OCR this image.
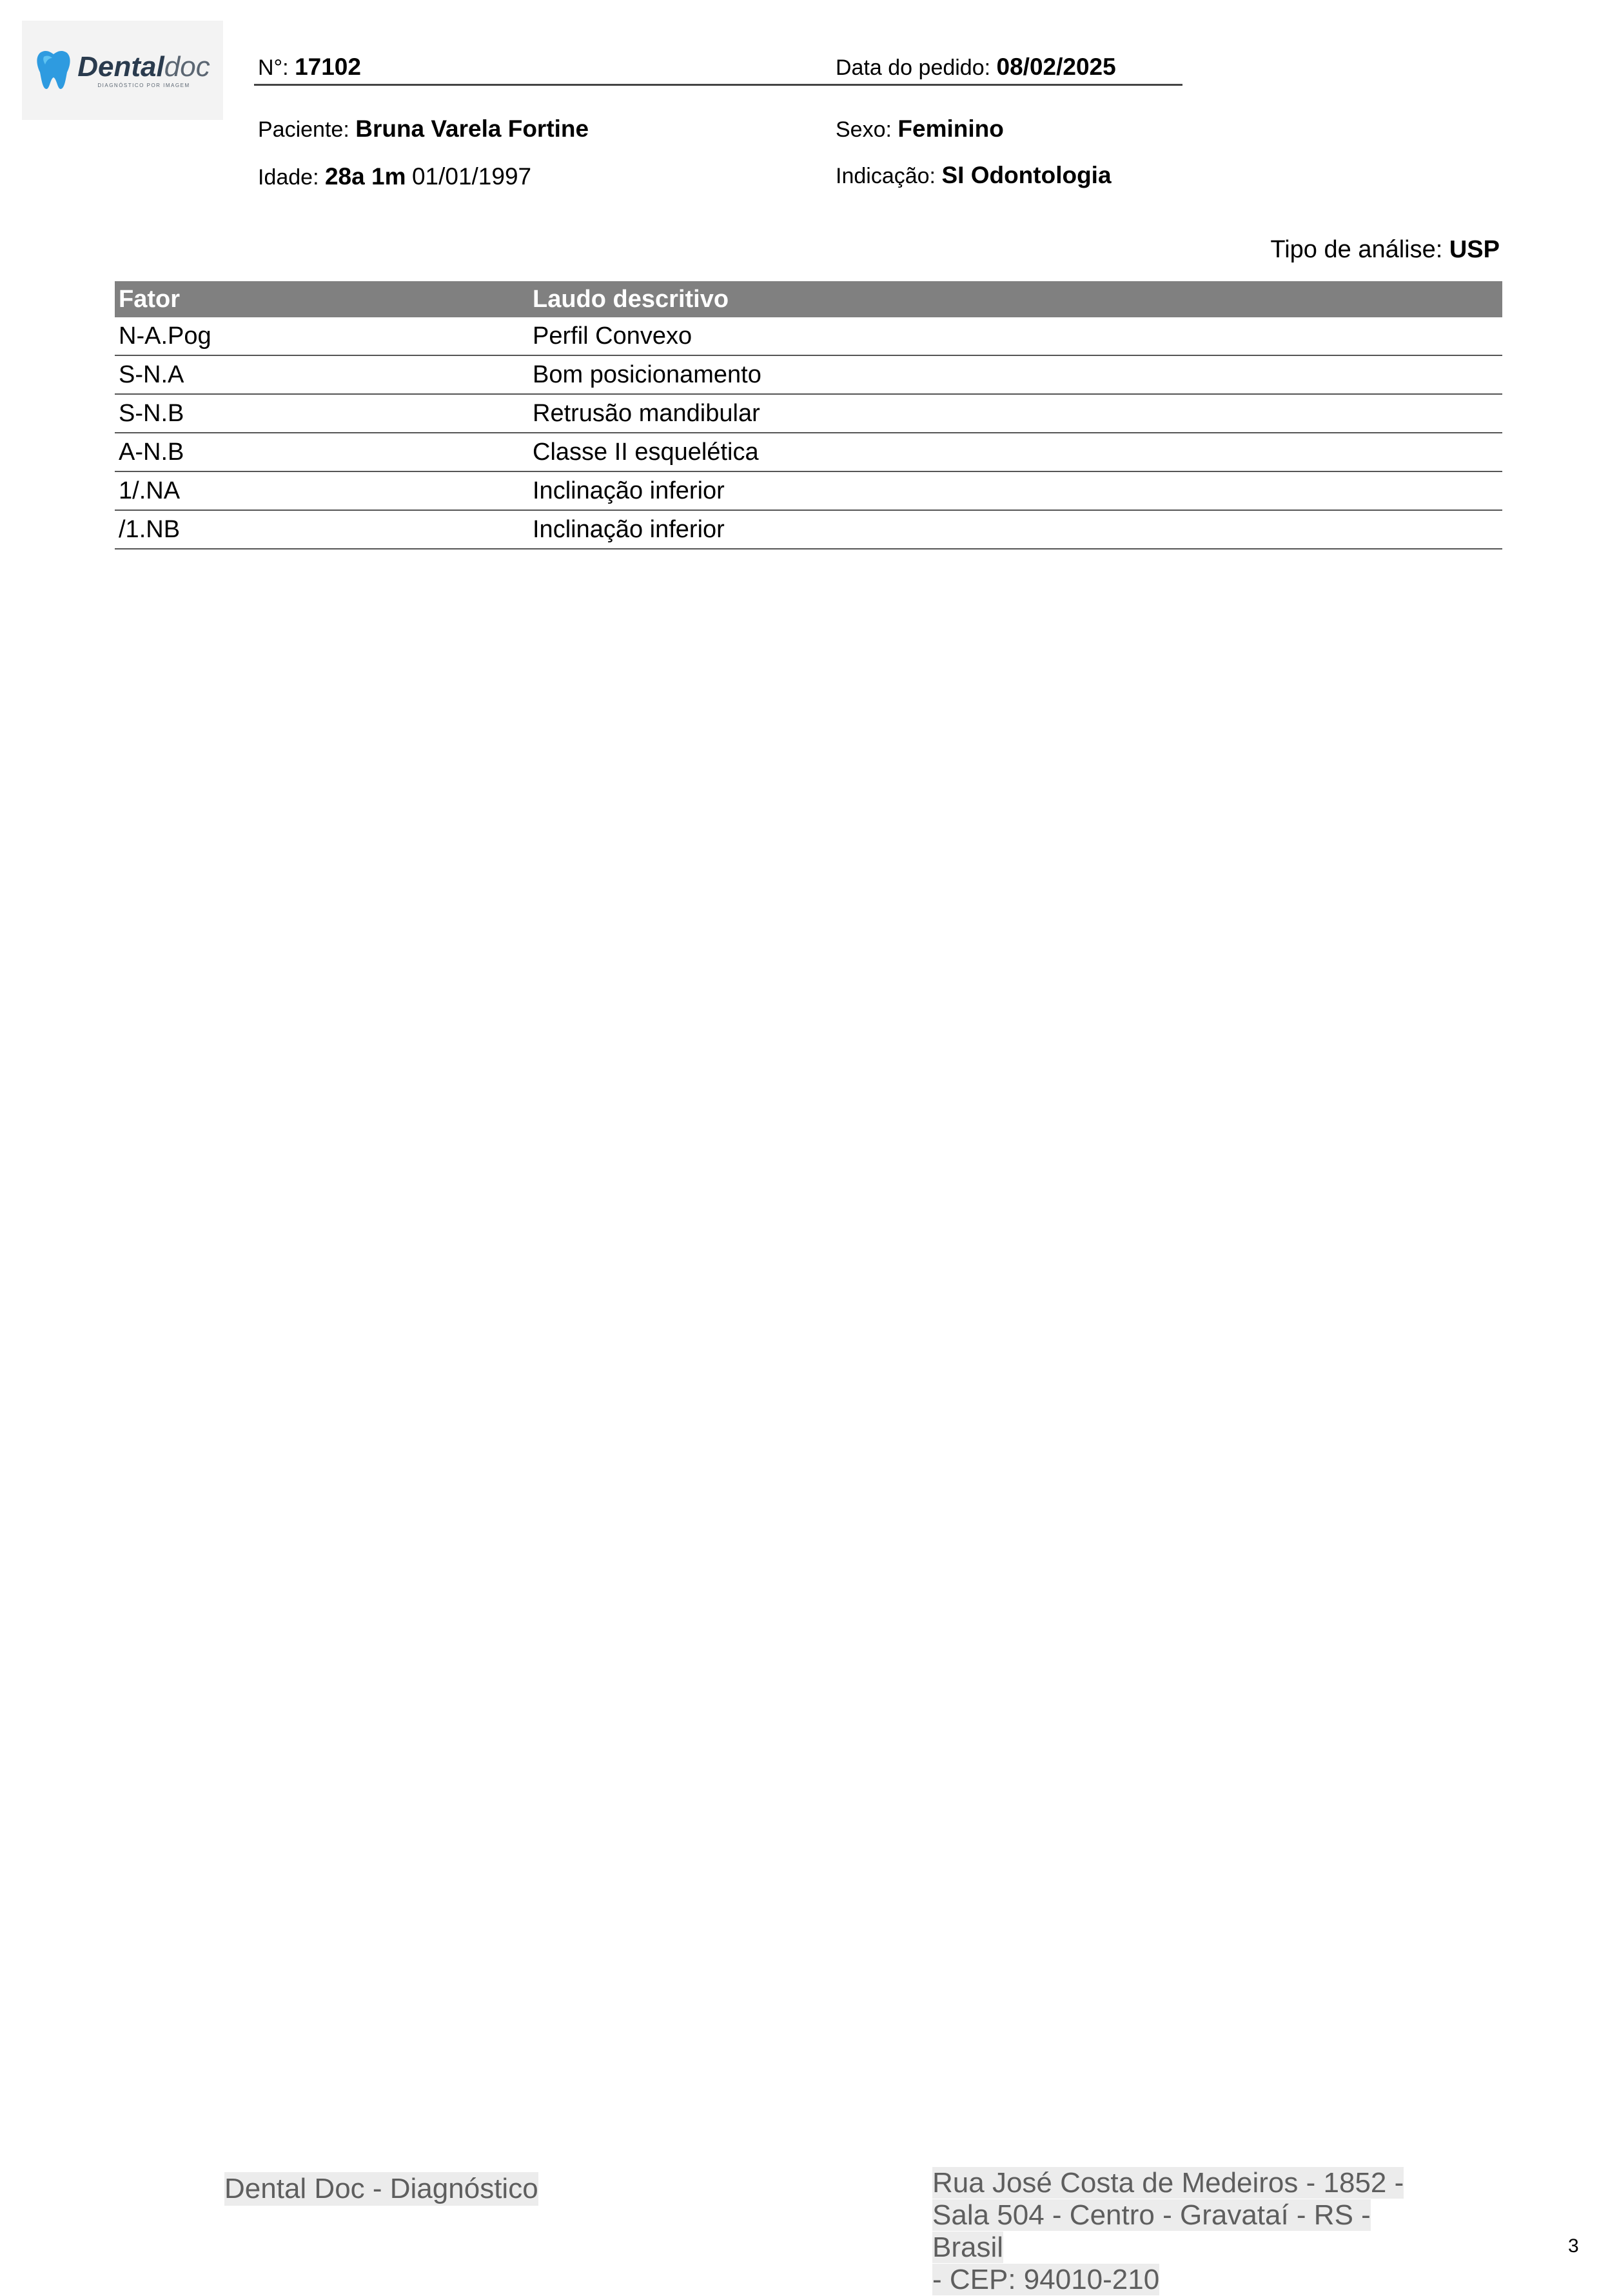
Dentaldoc
DIAGNÓSTICO POR IMAGEM
N°: 17102	Data do pedido: 08/02/2025
Paciente: Bruna Varela Fortine	Sexo: Feminino
Idade: 28a 1m 01/01/1997	Indicação: SI Odontologia
Tipo de análise: USP
Fator	Laudo descritivo
N-A.Pog	Perfil Convexo
S-N.A	Bom posicionamento
S-N.B	Retrusão mandibular
A-N.B	Classe II esquelética
1/.NA	Inclinação inferior
/1.NB	Inclinação inferior
Dental Doc - Diagnóstico	Rua José Costa de Medeiros - 1852 -
Sala 504 - Centro - Gravataí - RS - Brasil
- CEP: 94010-210
3
